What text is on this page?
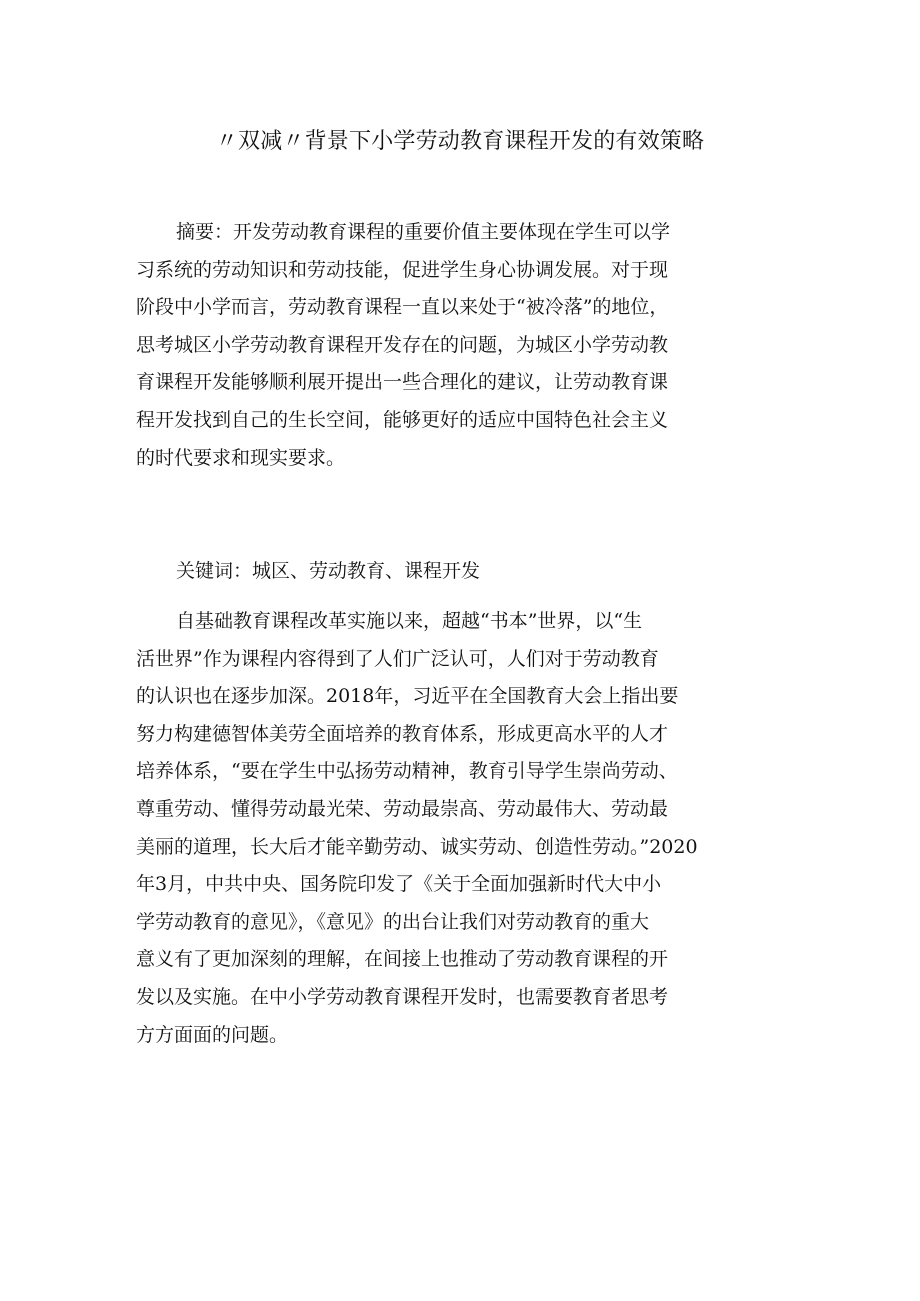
〃双减〃背景下小学劳动教育课程开发的有效策略
摘要：开发劳动教育课程的重要价值主要体现在学生可以学
习系统的劳动知识和劳动技能，促进学生身心协调发展。对于现
阶段中小学而言，劳动教育课程一直以来处于“被冷落”的地位，
思考城区小学劳动教育课程开发存在的问题，为城区小学劳动教
育课程开发能够顺利展开提出一些合理化的建议，让劳动教育课
程开发找到自己的生长空间，能够更好的适应中国特色社会主义
的时代要求和现实要求。
关键词：城区、劳动教育、课程开发
自基础教育课程改革实施以来，超越“书本”世界，以“生
活世界”作为课程内容得到了人们广泛认可，人们对于劳动教育
的认识也在逐步加深。2018年，习近平在全国教育大会上指出要
努力构建德智体美劳全面培养的教育体系，形成更高水平的人才
培养体系，“要在学生中弘扬劳动精神，教育引导学生崇尚劳动、
尊重劳动、懂得劳动最光荣、劳动最崇高、劳动最伟大、劳动最
美丽的道理，长大后才能辛勤劳动、诚实劳动、创造性劳动。”2020
年3月，中共中央、国务院印发了《关于全面加强新时代大中小
学劳动教育的意见》，《意见》的出台让我们对劳动教育的重大
意义有了更加深刻的理解，在间接上也推动了劳动教育课程的开
发以及实施。在中小学劳动教育课程开发时，也需要教育者思考
方方面面的问题。
